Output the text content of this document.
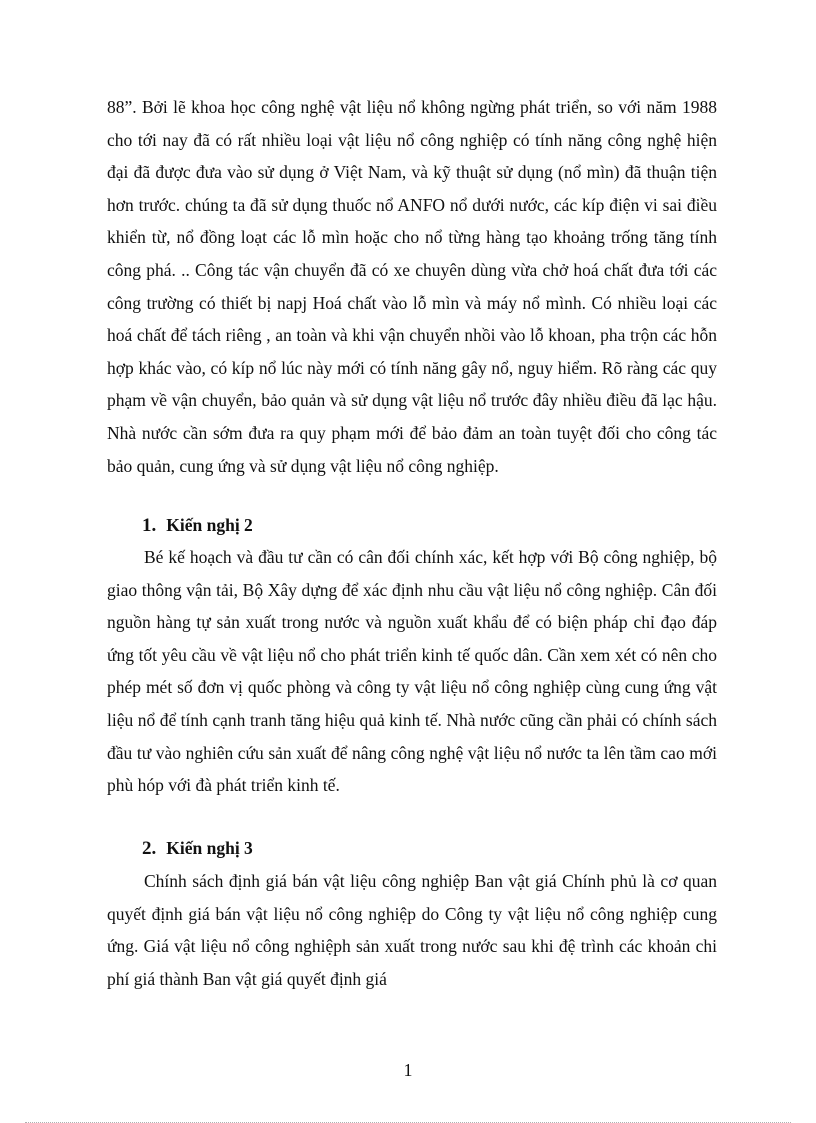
88”. Bởi lẽ khoa học công nghệ vật liệu nổ không ngừng phát triển, so với năm 1988 cho tới nay đã có rất nhiều loại vật liệu nổ công nghiệp có tính năng công nghệ hiện đại đã được đưa vào sử dụng ở Việt Nam, và kỹ thuật sử dụng (nổ mìn) đã thuận tiện hơn trước. chúng ta đã sử dụng thuốc nổ ANFO nổ dưới nước, các kíp điện vi sai điều khiển từ, nổ đồng loạt các lỗ mìn hoặc cho nổ từng hàng tạo khoảng trống tăng tính công phá. .. Công tác vận chuyển đã có xe chuyên dùng vừa chở hoá chất đưa tới các công trường có thiết bị napj Hoá chất vào lỗ mìn và máy nổ mình. Có nhiều loại các hoá chất để tách riêng , an toàn và khi vận chuyển nhồi vào lỗ khoan, pha trộn các hỗn hợp khác vào, có kíp nổ lúc này mới có tính năng gây nổ, nguy hiểm. Rõ ràng các quy phạm về vận chuyển, bảo quản và sử dụng vật liệu nổ trước đây nhiều điều đã lạc hậu. Nhà nước cần sớm đưa ra quy phạm mới để bảo đảm an toàn tuyệt đối cho công tác bảo quản, cung ứng và sử dụng vật liệu nổ công nghiệp.

1. Kiến nghị 2

Bé kế hoạch và đầu tư cần có cân đối chính xác, kết hợp với Bộ công nghiệp, bộ giao thông vận tải, Bộ Xây dựng để xác định nhu cầu vật liệu nổ công nghiệp. Cân đối nguồn hàng tự sản xuất trong nước và nguồn xuất khẩu để có biện pháp chỉ đạo đáp ứng tốt yêu cầu về vật liệu nổ cho phát triển kinh tế quốc dân. Cần xem xét có nên cho phép mét số đơn vị quốc phòng và công ty vật liệu nổ công nghiệp cùng cung ứng vật liệu nổ để tính cạnh tranh tăng hiệu quả kinh tế. Nhà nước cũng cần phải có chính sách đầu tư vào nghiên cứu sản xuất để nâng công nghệ vật liệu nổ nước ta lên tầm cao mới phù hóp với đà phát triển kinh tế.

2. Kiến nghị 3

Chính sách định giá bán vật liệu công nghiệp Ban vật giá Chính phủ là cơ quan quyết định giá bán vật liệu nổ công nghiệp do Công ty vật liệu nổ công nghiệp cung ứng. Giá vật liệu nổ công nghiệph sản xuất trong nước sau khi đệ trình các khoản chi phí giá thành Ban vật giá quyết định giá

1
